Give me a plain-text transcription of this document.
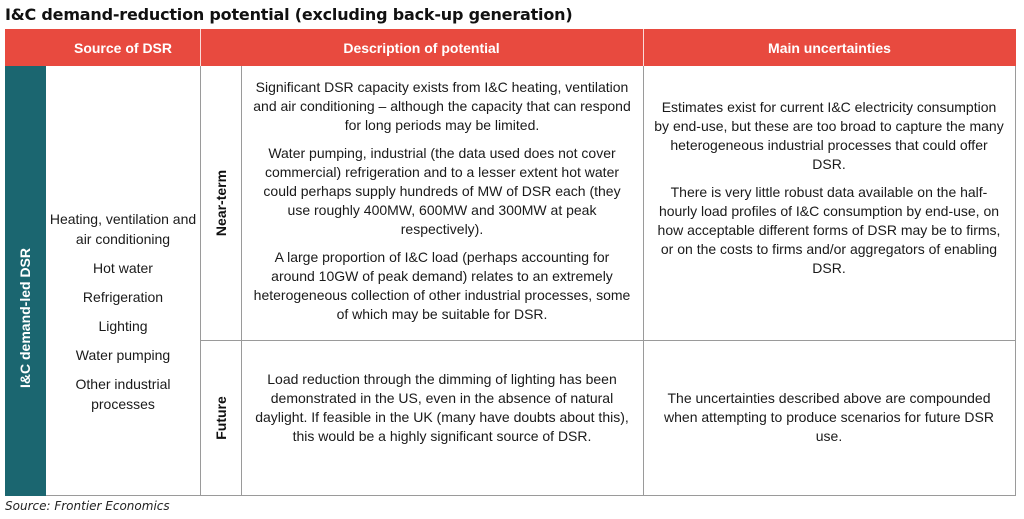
I&C demand-reduction potential (excluding back-up generation)
Source of DSR	Description of potential	Main uncertainties
I&C demand-led DSR
Heating, ventilation and air conditioning
Hot water
Refrigeration
Lighting
Water pumping
Other industrial processes
Near-term

Significant DSR capacity exists from I&C heating, ventilation and air conditioning – although the capacity that can respond for long periods may be limited.

Water pumping, industrial (the data used does not cover commercial) refrigeration and to a lesser extent hot water could perhaps supply hundreds of MW of DSR each (they use roughly 400MW, 600MW and 300MW at peak respectively).

A large proportion of I&C load (perhaps accounting for around 10GW of peak demand) relates to an extremely heterogeneous collection of other industrial processes, some of which may be suitable for DSR.

Estimates exist for current I&C electricity consumption by end-use, but these are too broad to capture the many heterogeneous industrial processes that could offer DSR.

There is very little robust data available on the half-hourly load profiles of I&C consumption by end-use, on how acceptable different forms of DSR may be to firms, or on the costs to firms and/or aggregators of enabling DSR.

Future

Load reduction through the dimming of lighting has been demonstrated in the US, even in the absence of natural daylight. If feasible in the UK (many have doubts about this), this would be a highly significant source of DSR.

The uncertainties described above are compounded when attempting to produce scenarios for future DSR use.

Source: Frontier Economics
